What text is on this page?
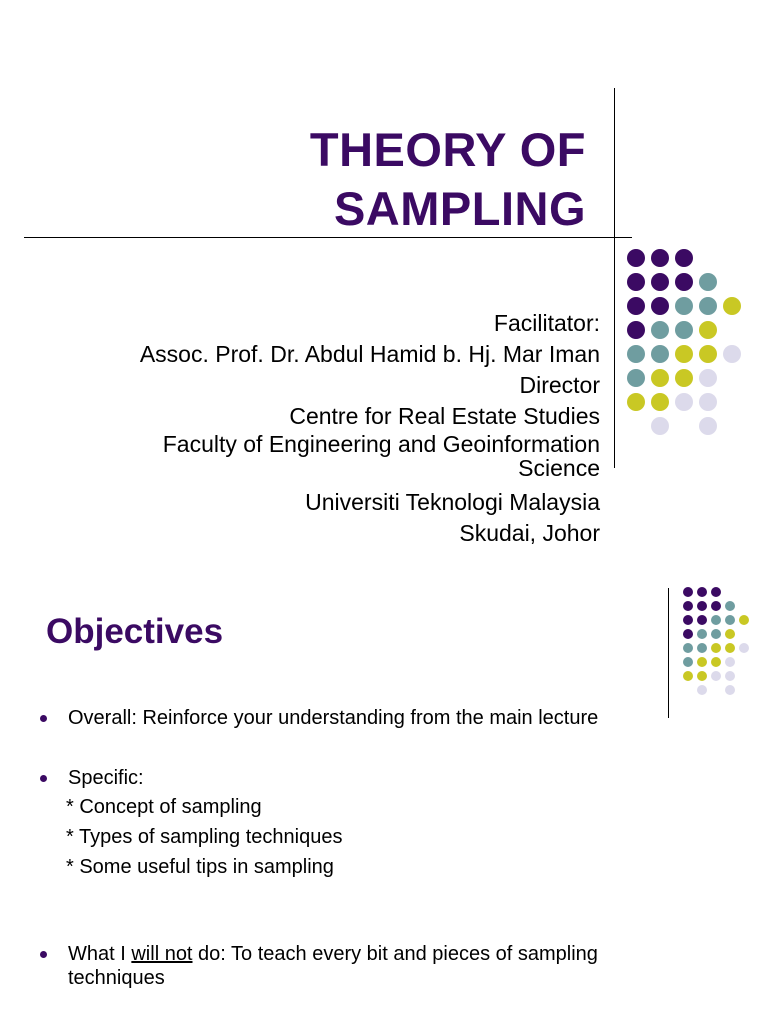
THEORY OF
SAMPLING
Facilitator:
Assoc. Prof. Dr. Abdul Hamid b. Hj. Mar Iman
Director
Centre for Real Estate Studies
Faculty of Engineering and Geoinformation
Science
Universiti Teknologi Malaysia
Skudai, Johor
Objectives
Overall: Reinforce your understanding from the main lecture
Specific:
* Concept of sampling
* Types of sampling techniques
* Some useful tips in sampling
What I will not do: To teach every bit and pieces of sampling techniques
